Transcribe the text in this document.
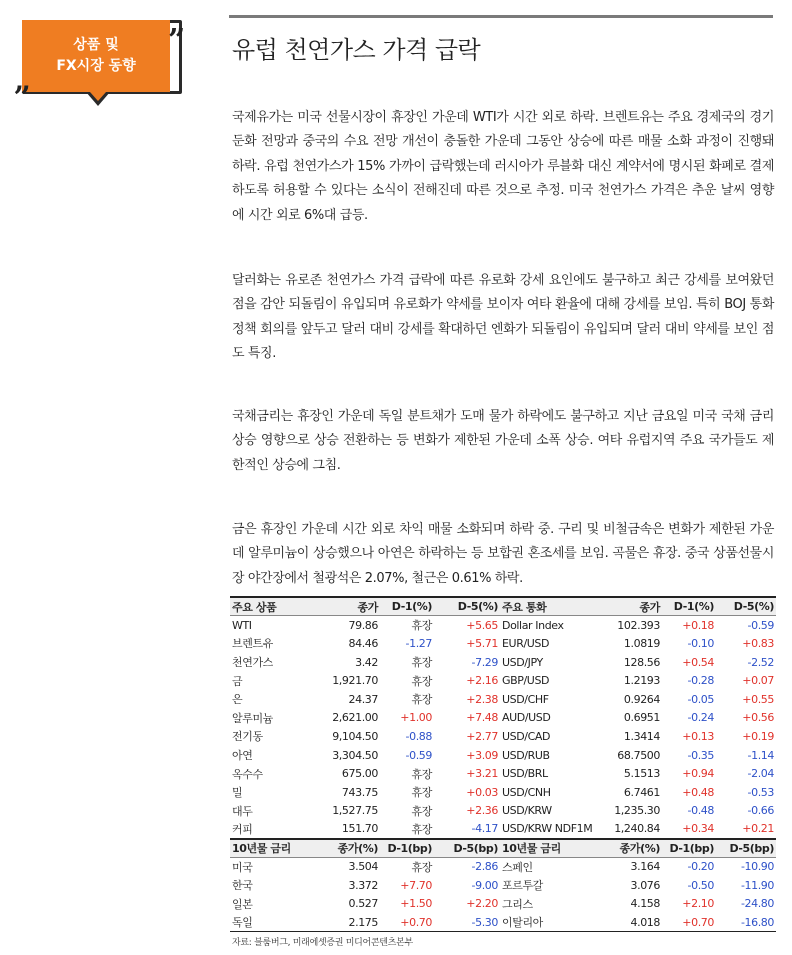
상품 및
FX시장 동향
„
” 유럽 천연가스 가격 급락

국제유가는 미국 선물시장이 휴장인 가운데 WTI가 시간 외로 하락. 브렌트유는 주요 경제국의 경기 둔화 전망과 중국의 수요 전망 개선이 충돌한 가운데 그동안 상승에 따른 매물 소화 과정이 진행돼 하락. 유럽 천연가스가 15% 가까이 급락했는데 러시아가 루블화 대신 계약서에 명시된 화폐로 결제하도록 허용할 수 있다는 소식이 전해진데 따른 것으로 추정. 미국 천연가스 가격은 추운 날씨 영향에 시간 외로 6%대 급등.

달러화는 유로존 천연가스 가격 급락에 따른 유로화 강세 요인에도 불구하고 최근 강세를 보여왔던 점을 감안 되돌림이 유입되며 유로화가 약세를 보이자 여타 환율에 대해 강세를 보임. 특히 BOJ 통화정책 회의를 앞두고 달러 대비 강세를 확대하던 엔화가 되돌림이 유입되며 달러 대비 약세를 보인 점도 특징.

국채금리는 휴장인 가운데 독일 분트채가 도매 물가 하락에도 불구하고 지난 금요일 미국 국채 금리 상승 영향으로 상승 전환하는 등 변화가 제한된 가운데 소폭 상승. 여타 유럽지역 주요 국가들도 제한적인 상승에 그침.

금은 휴장인 가운데 시간 외로 차익 매물 소화되며 하락 중. 구리 및 비철금속은 변화가 제한된 가운데 알루미늄이 상승했으나 아연은 하락하는 등 보합권 혼조세를 보임. 곡물은 휴장. 중국 상품선물시장 야간장에서 철광석은 2.07%, 철근은 0.61% 하락.

주요 상품	종가	D-1(%)	D-5(%)	주요 통화	종가	D-1(%)	D-5(%)
WTI	79.86	휴장	+5.65	Dollar Index	102.393	+0.18	-0.59
브렌트유	84.46	-1.27	+5.71	EUR/USD	1.0819	-0.10	+0.83
천연가스	3.42	휴장	-7.29	USD/JPY	128.56	+0.54	-2.52
금	1,921.70	휴장	+2.16	GBP/USD	1.2193	-0.28	+0.07
은	24.37	휴장	+2.38	USD/CHF	0.9264	-0.05	+0.55
알루미늄	2,621.00	+1.00	+7.48	AUD/USD	0.6951	-0.24	+0.56
전기동	9,104.50	-0.88	+2.77	USD/CAD	1.3414	+0.13	+0.19
아연	3,304.50	-0.59	+3.09	USD/RUB	68.7500	-0.35	-1.14
옥수수	675.00	휴장	+3.21	USD/BRL	5.1513	+0.94	-2.04
밀	743.75	휴장	+0.03	USD/CNH	6.7461	+0.48	-0.53
대두	1,527.75	휴장	+2.36	USD/KRW	1,235.30	-0.48	-0.66
커피	151.70	휴장	-4.17	USD/KRW NDF1M	1,240.84	+0.34	+0.21
10년물 금리	종가(%)	D-1(bp)	D-5(bp)	10년물 금리	종가(%)	D-1(bp)	D-5(bp)
미국	3.504	휴장	-2.86	스페인	3.164	-0.20	-10.90
한국	3.372	+7.70	-9.00	포르투갈	3.076	-0.50	-11.90
일본	0.527	+1.50	+2.20	그리스	4.158	+2.10	-24.80
독일	2.175	+0.70	-5.30	이탈리아	4.018	+0.70	-16.80
자료: 블룸버그, 미래에셋증권 미디어콘텐츠본부
